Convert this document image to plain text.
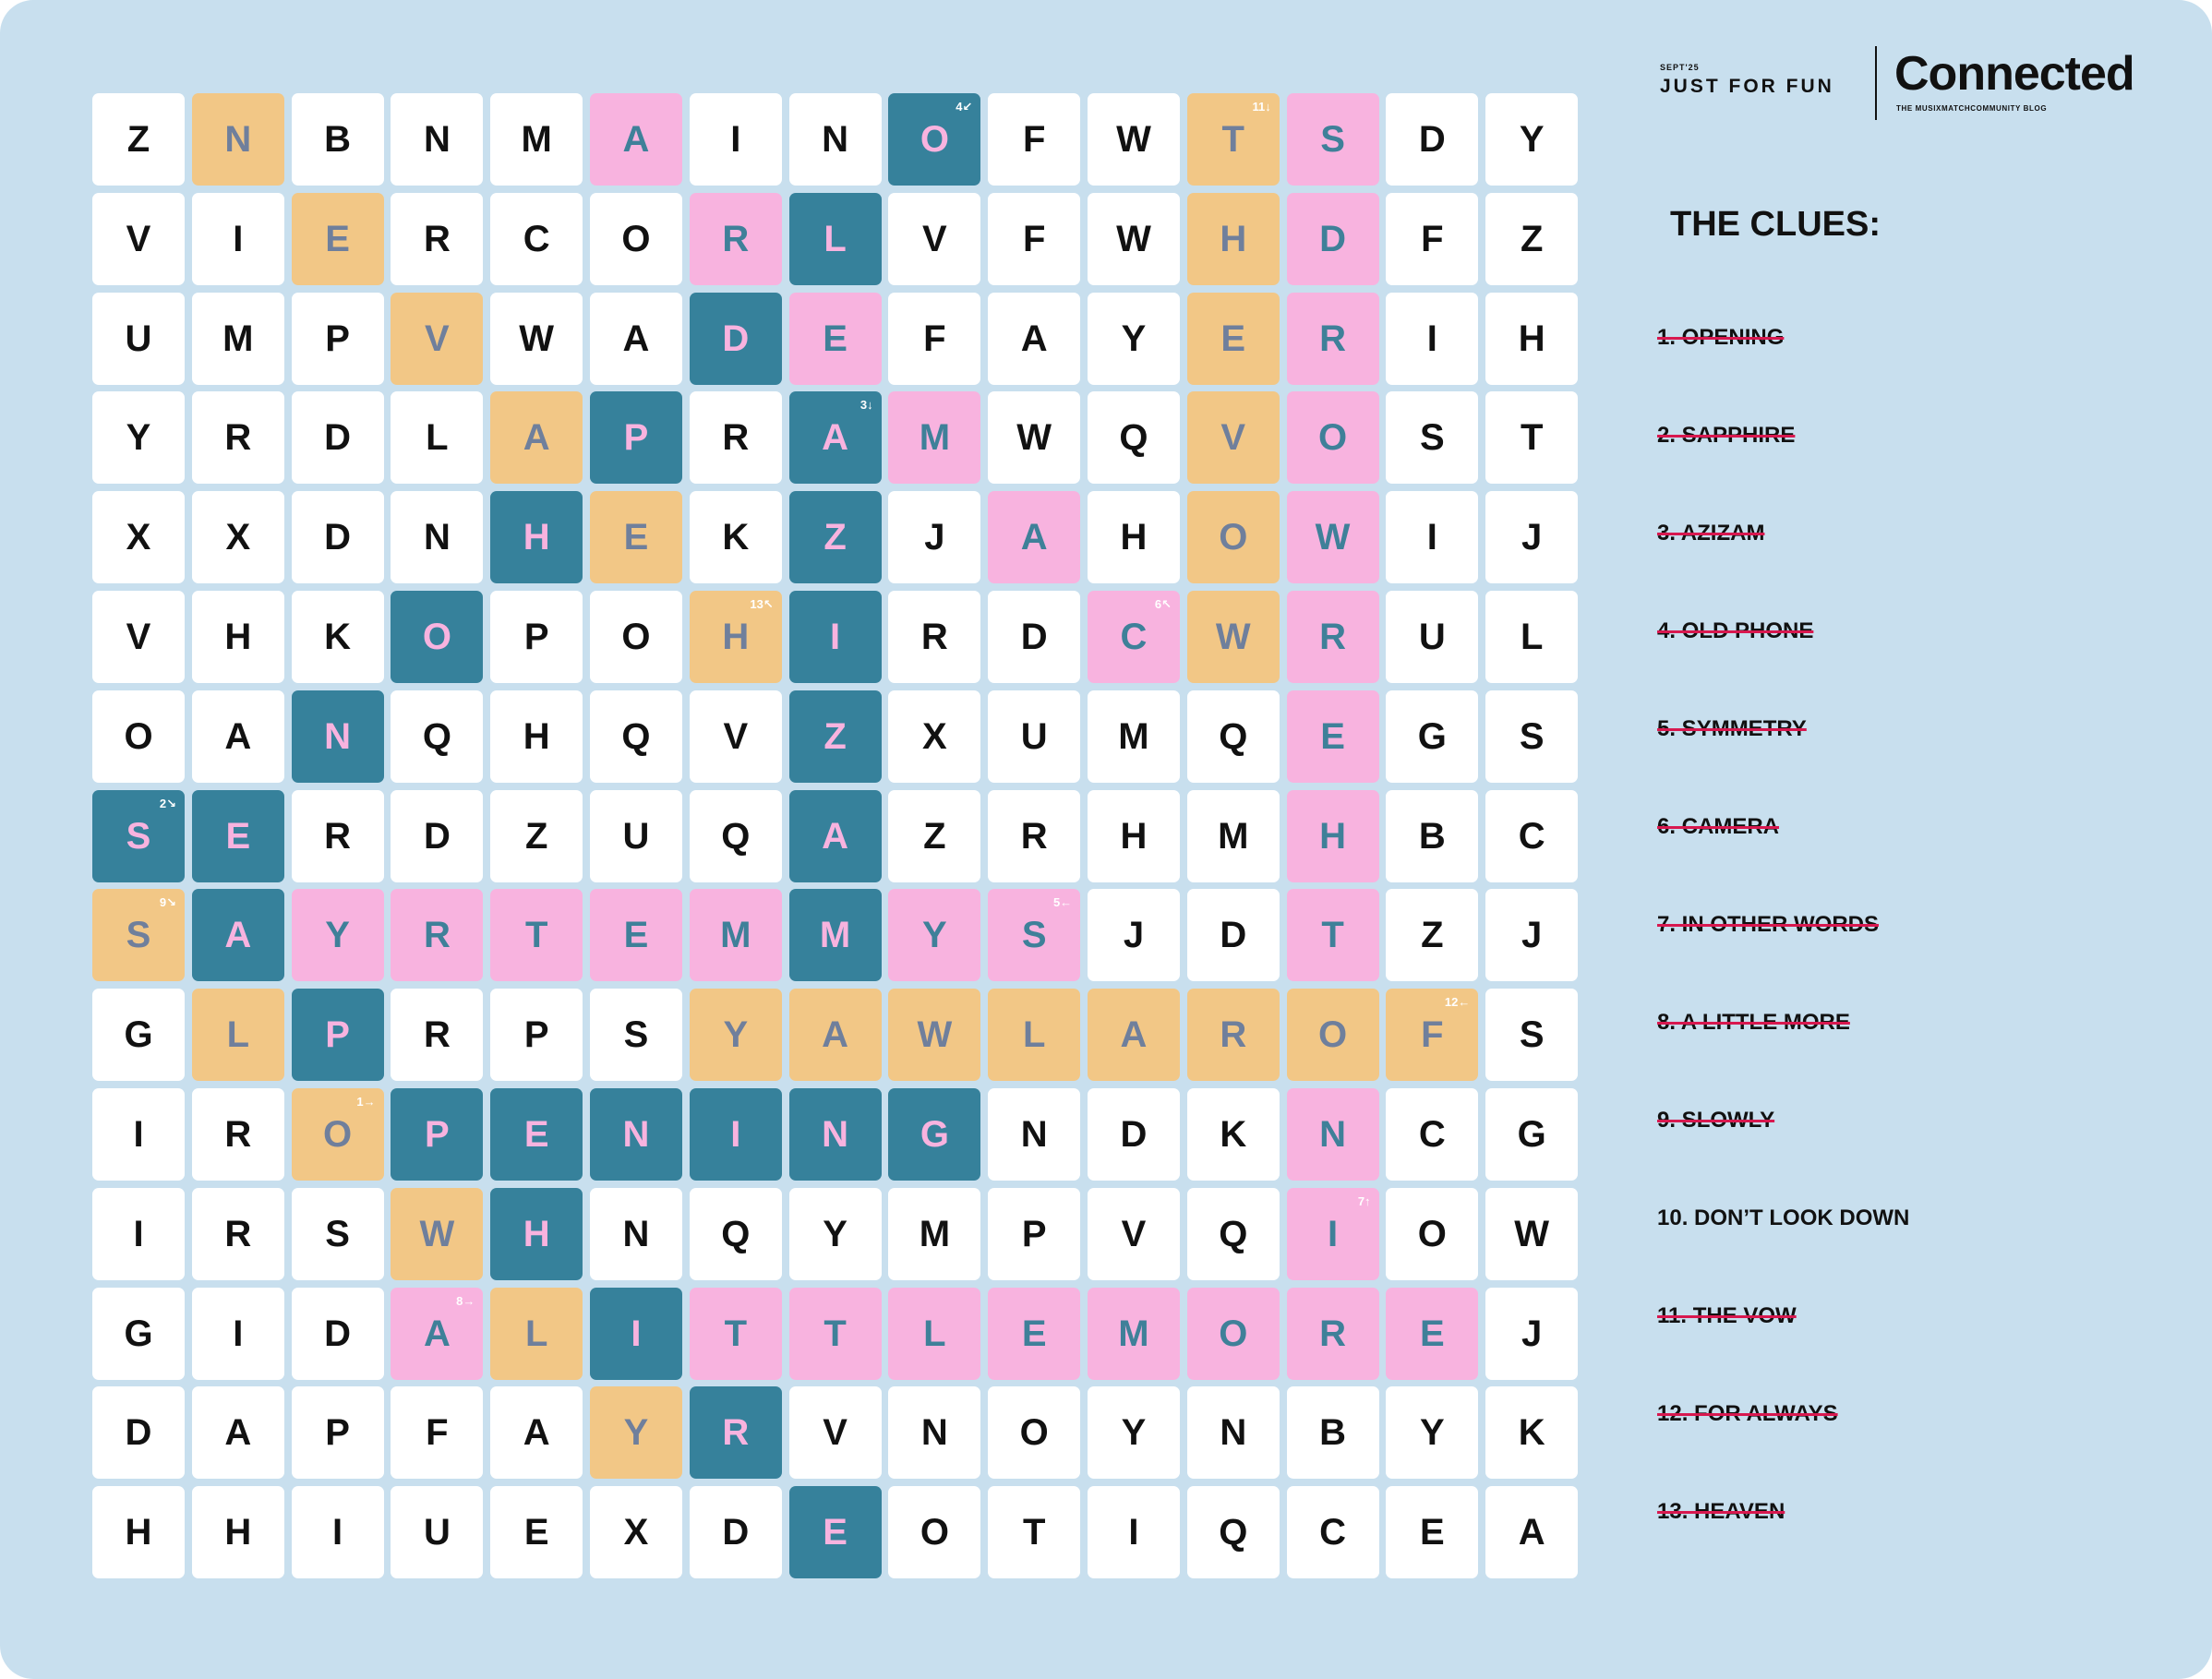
Z N B N M A I N O
4↙
F W T
11↓
S D Y
V I E R C O R L V F W H D F Z
U M P V W A D E F A Y E R I H
Y R D L A P R A
3↓
M W Q V O S T
X X D N H E K Z J A H O W I J
V H K O P O H
13↖
I R D C
6↖
W R U L
O A N Q H Q V Z X U M Q E G S
S
2↘
E R D Z U Q A Z R H M H B C
S
9↘
A Y R T E M M Y S
5←
J D T Z J
G L P R P S Y A W L A R O F
12←
S
I R O
1→
P E N I N G N D K N C G
I R S W H N Q Y M P V Q I
7↑
O W
G I D A
8→
L I T T L E M O R E J
D A P F A Y R V N O Y N B Y K
H H I U E X D E O T I Q C E A
SEPT'25
JUST FOR FUN Connected
THE MUSIXMATCHCOMMUNITY BLOG
THE CLUES:
1. OPENING
2. SAPPHIRE
3. AZIZAM
4. OLD PHONE
5. SYMMETRY
6. CAMERA
7. IN OTHER WORDS
8. A LITTLE MORE
9. SLOWLY
10. DON’T LOOK DOWN
11. THE VOW
12. FOR ALWAYS
13. HEAVEN
